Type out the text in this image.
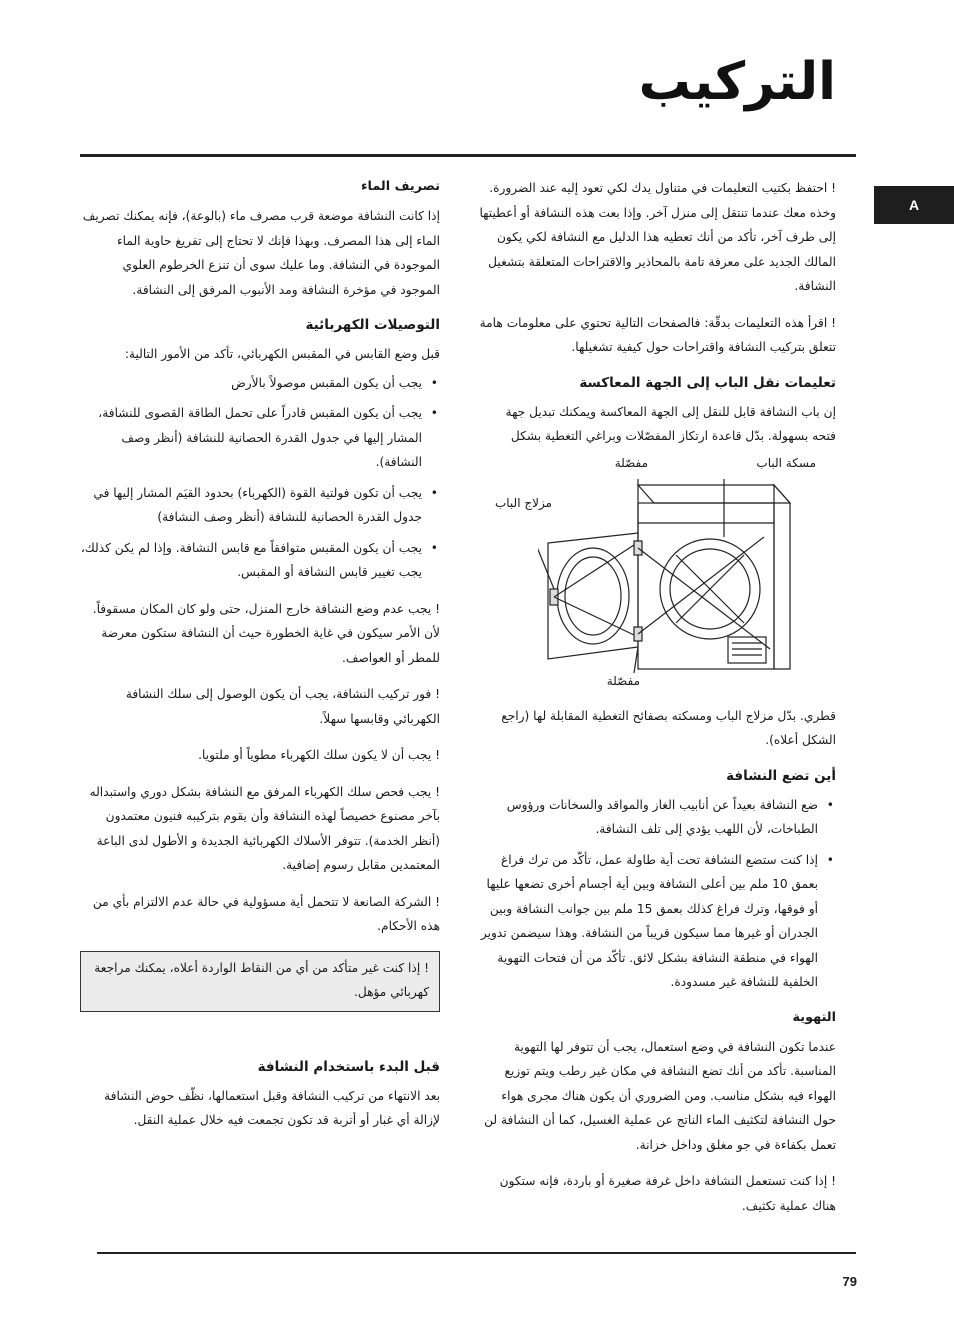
التركيب
A

! احتفظ بكتيب التعليمات في متناول يدك لكي تعود إليه عند الضرورة. وخذه معك عندما تنتقل إلى منزل آخر. وإذا بعت هذه النشافة أو أعطيتها إلى طرف آخر، تأكد من أنك تعطيه هذا الدليل مع النشافة لكي يكون المالك الجديد على معرفة تامة بالمحاذير والاقتراحات المتعلقة بتشغيل النشافة.

! اقرأ هذه التعليمات بدقّة: فالصفحات التالية تحتوي على معلومات هامة تتعلق بتركيب النشافة واقتراحات حول كيفية تشغيلها.

تعليمات نقل الباب إلى الجهة المعاكسة

إن باب النشافة قابل للنقل إلى الجهة المعاكسة ويمكنك تبديل جهة فتحه بسهولة. بدّل قاعدة ارتكاز المفصّلات وبراغي التغطية بشكل

مسكة الباب
مفصّلة
مزلاج الباب
مفصّلة

قطري. بدّل مزلاج الباب ومسكته بصفائح التغطية المقابلة لها (راجع الشكل أعلاه).

أين تضع النشافة
• ضع النشافة بعيداً عن أنابيب الغاز والمواقد والسخانات ورؤوس الطباخات، لأن اللهب يؤدي إلى تلف النشافة.
• إذا كنت ستضع النشافة تحت أية طاولة عمل، تأكّد من ترك فراغ بعمق 10 ملم بين أعلى النشافة وبين أية أجسام أخرى تضعها عليها أو فوقها، وترك فراغ كذلك بعمق 15 ملم بين جوانب النشافة وبين الجدران أو غيرها مما سيكون قريباً من النشافة. وهذا سيضمن تدوير الهواء في منطقة النشافة بشكل لائق. تأكّد من أن فتحات التهوية الخلفية للنشافة غير مسدودة.
التهوية

عندما تكون النشافة في وضع استعمال، يجب أن تتوفر لها التهوية المناسبة. تأكد من أنك تضع النشافة في مكان غير رطب ويتم توزيع الهواء فيه بشكل مناسب. ومن الضروري أن يكون هناك مجرى هواء حول النشافة لتكثيف الماء الناتج عن عملية الغسيل، كما أن النشافة لن تعمل بكفاءة في جو مغلق وداخل خزانة.

! إذا كنت تستعمل النشافة داخل غرفة صغيرة أو باردة، فإنه ستكون هناك عملية تكثيف.

تصريف الماء

إذا كانت النشافة موضعة قرب مصرف ماء (بالوعة)، فإنه يمكنك تصريف الماء إلى هذا المصرف. وبهذا فإنك لا تحتاج إلى تفريغ حاوية الماء الموجودة في النشافة. وما عليك سوى أن تنزع الخرطوم العلوي الموجود في مؤخرة النشافة ومد الأنبوب المرفق إلى النشافة.

التوصيلات الكهربائية

قبل وضع القابس في المقبس الكهربائي، تأكد من الأمور التالية:

• يجب أن يكون المقبس موصولاً بالأرض
• يجب أن يكون المقبس قادراً على تحمل الطاقة القصوى للنشافة، المشار إليها في جدول القدرة الحصانية للنشافة (أنظر وصف النشافة).
• يجب أن تكون فولتية القوة (الكهرباء) بحدود القيَم المشار إليها في جدول القدرة الحصانية للنشافة (أنظر وصف النشافة)
• يجب أن يكون المقبس متوافقاً مع قابس النشافة. وإذا لم يكن كذلك، يجب تغيير قابس النشافة أو المقبس.

! يجب عدم وضع النشافة خارج المنزل، حتى ولو كان المكان مسقوفاً. لأن الأمر سيكون في غاية الخطورة حيث أن النشافة ستكون معرضة للمطر أو العواصف.

! فور تركيب النشافة، يجب أن يكون الوصول إلى سلك النشافة الكهربائي وقابسها سهلاً.

! يجب أن لا يكون سلك الكهرباء مطوياً أو ملتويا.

! يجب فحص سلك الكهرباء المرفق مع النشافة بشكل دوري واستبداله بآخر مصنوع خصيصاً لهذه النشافة وأن يقوم بتركيبه فنيون معتمدون (أنظر الخدمة). تتوفر الأسلاك الكهربائية الجديدة و الأطول لدى الباعة المعتمدين مقابل رسوم إضافية.

! الشركة الصانعة لا تتحمل أية مسؤولية في حالة عدم الالتزام بأي من هذه الأحكام.

! إذا كنت غير متأكد من أي من النقاط الواردة أعلاه، يمكنك مراجعة كهربائي مؤهل.
قبل البدء باستخدام النشافة

بعد الانتهاء من تركيب النشافة وقبل استعمالها، نظّف حوض النشافة لإزالة أي غبار أو أتربة قد تكون تجمعت فيه خلال عملية النقل.

79
